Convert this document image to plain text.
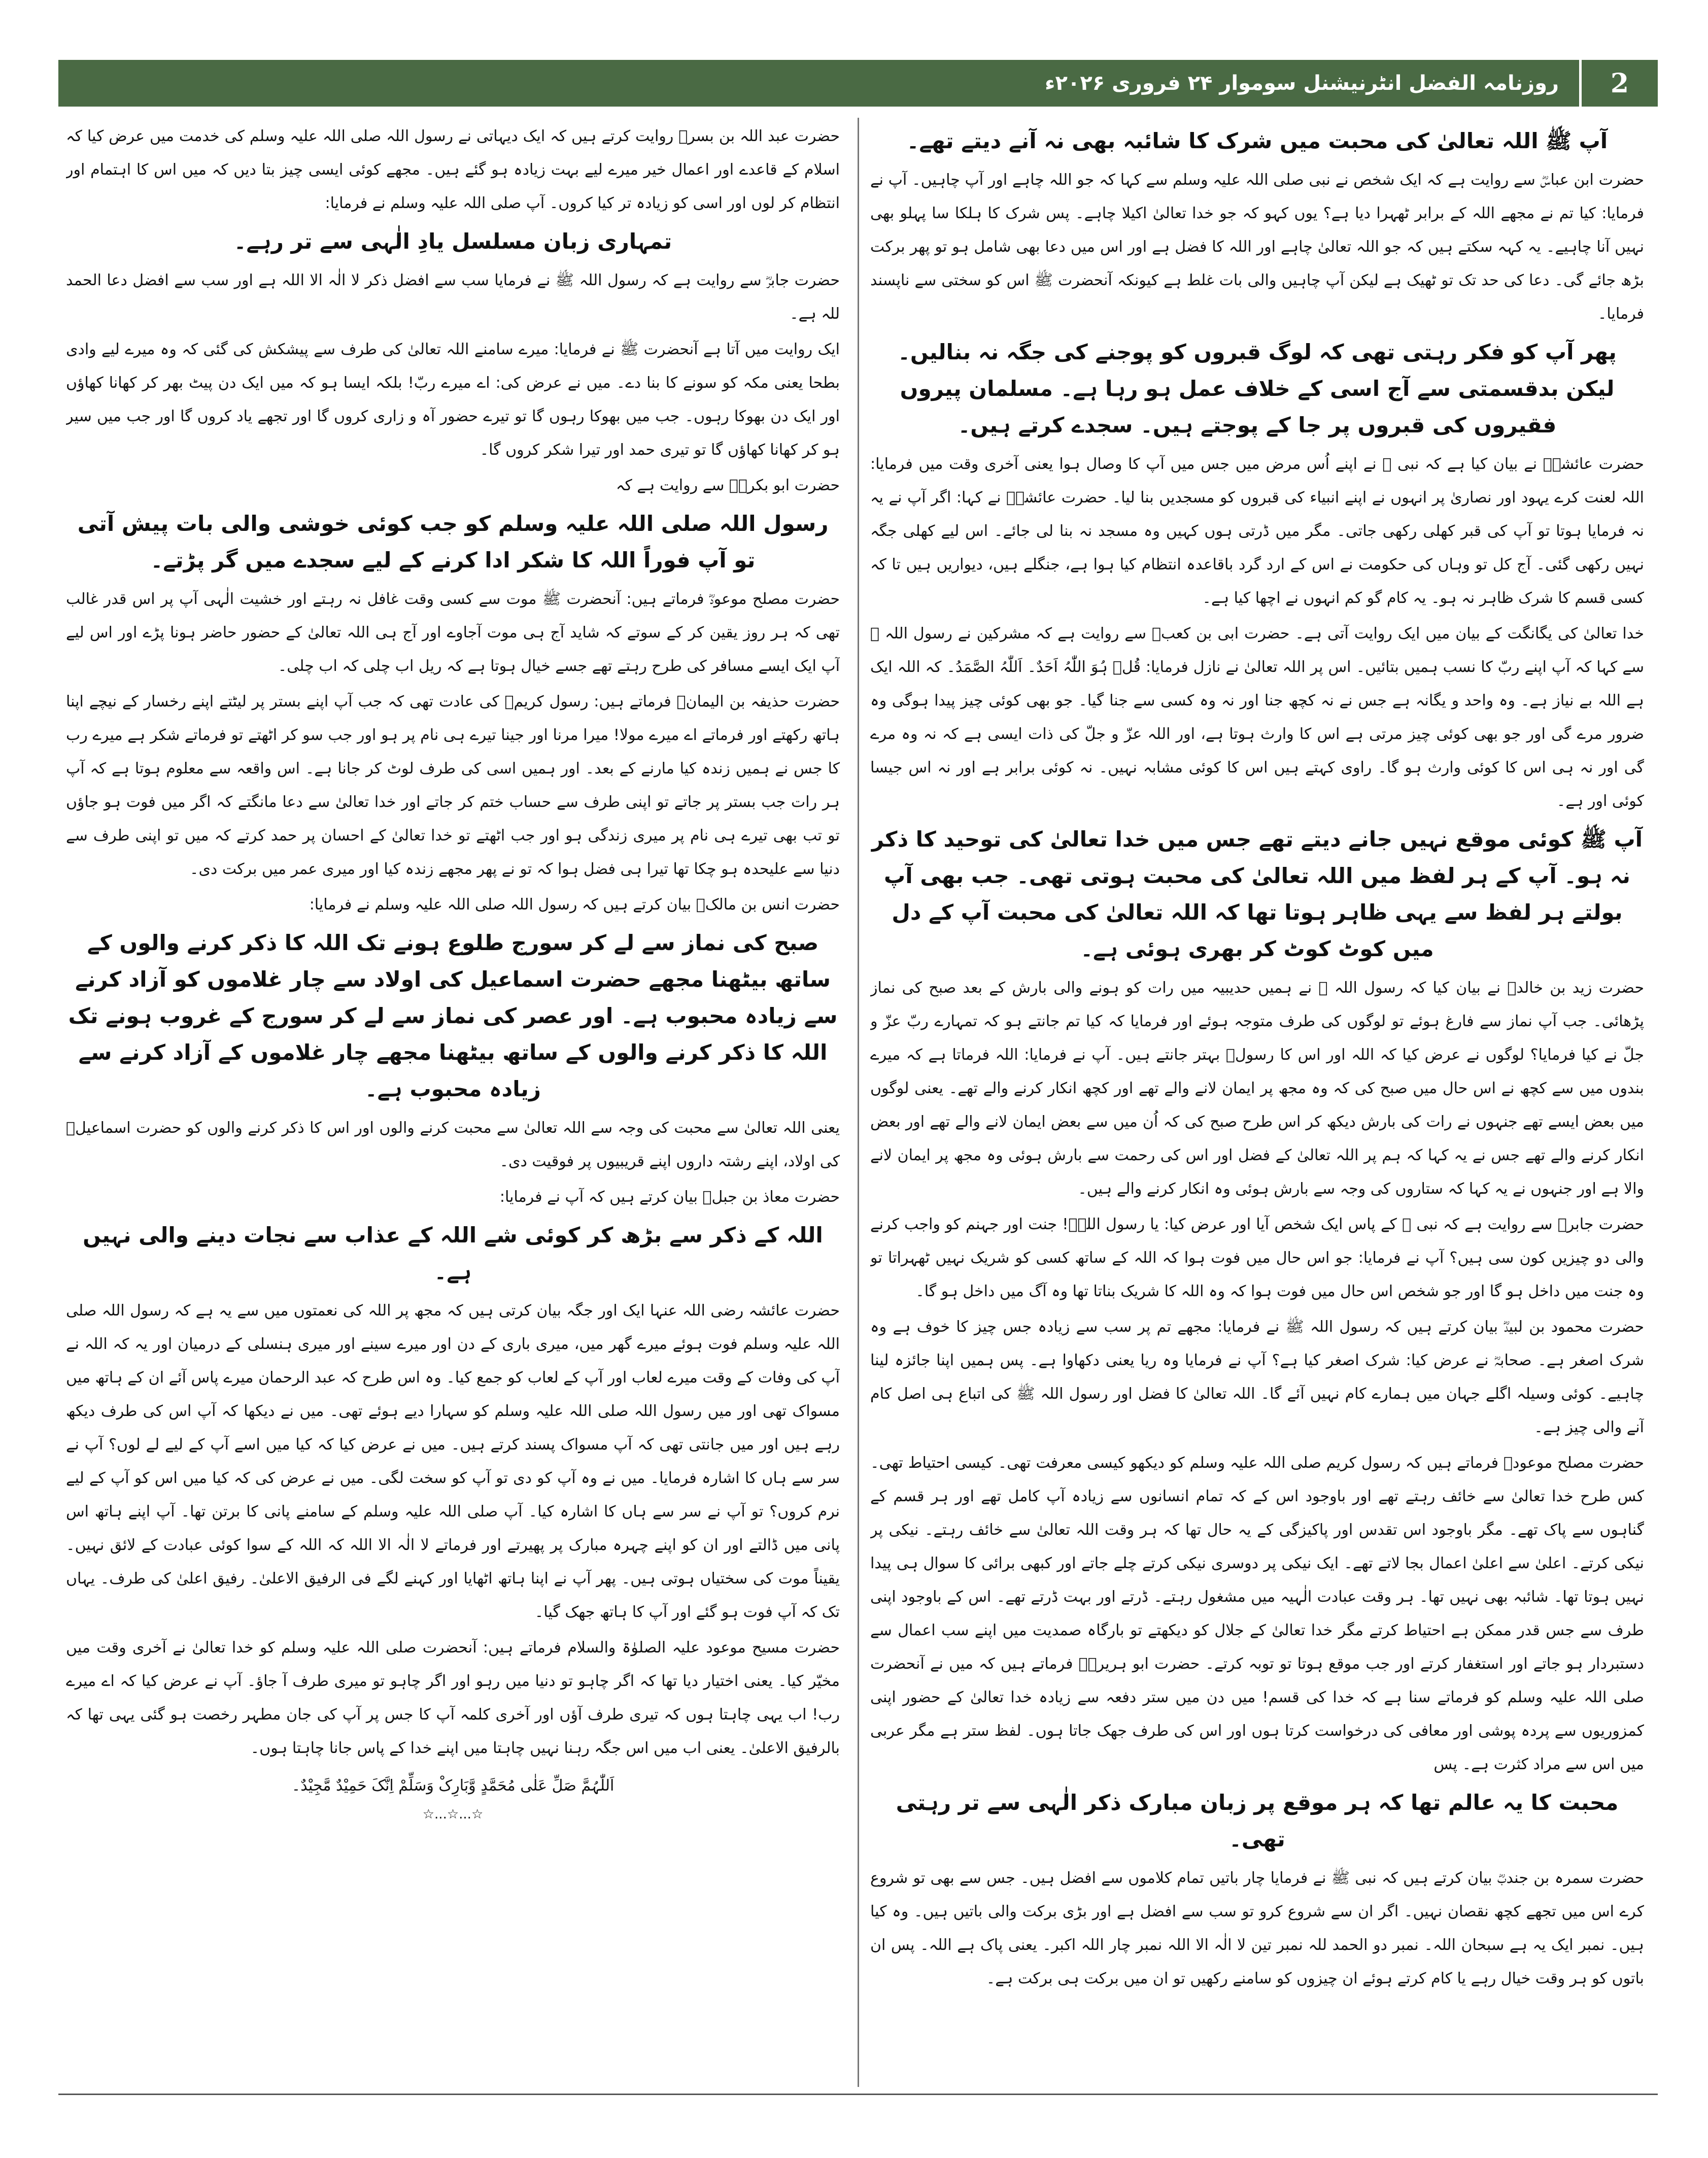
روزنامہ الفضل انٹرنیشنل سوموار ۲۴ فروری ۲۰۲۶ء	2
آپ ﷺ اللہ تعالیٰ کی محبت میں شرک کا شائبہ بھی نہ آنے دیتے تھے۔

حضرت ابن عباسؓ سے روایت ہے کہ ایک شخص نے نبی صلی اللہ علیہ وسلم سے کہا کہ جو اللہ چاہے اور آپ چاہیں۔ آپ نے فرمایا: کیا تم نے مجھے اللہ کے برابر ٹھہرا دیا ہے؟ یوں کہو کہ جو خدا تعالیٰ اکیلا چاہے۔ پس شرک کا ہلکا سا پہلو بھی نہیں آنا چاہیے۔ یہ کہہ سکتے ہیں کہ جو اللہ تعالیٰ چاہے اور اللہ کا فضل ہے اور اس میں دعا بھی شامل ہو تو پھر برکت بڑھ جائے گی۔ دعا کی حد تک تو ٹھیک ہے لیکن آپ چاہیں والی بات غلط ہے کیونکہ آنحضرت ﷺ اس کو سختی سے ناپسند فرمایا۔

پھر آپ کو فکر رہتی تھی کہ لوگ قبروں کو پوجنے کی جگہ نہ بنالیں۔ لیکن بدقسمتی سے آج اسی کے خلاف عمل ہو رہا ہے۔ مسلمان پیروں فقیروں کی قبروں پر جا کے پوجتے ہیں۔ سجدے کرتے ہیں۔

حضرت عائشہؓ نے بیان کیا ہے کہ نبی ﷺ نے اپنے اُس مرض میں جس میں آپ کا وصال ہوا یعنی آخری وقت میں فرمایا: اللہ لعنت کرے یہود اور نصاریٰ پر انہوں نے اپنے انبیاء کی قبروں کو مسجدیں بنا لیا۔ حضرت عائشہؓ نے کہا: اگر آپ نے یہ نہ فرمایا ہوتا تو آپ کی قبر کھلی رکھی جاتی۔ مگر میں ڈرتی ہوں کہیں وہ مسجد نہ بنا لی جائے۔ اس لیے کھلی جگہ نہیں رکھی گئی۔ آج کل تو وہاں کی حکومت نے اس کے ارد گرد باقاعدہ انتظام کیا ہوا ہے، جنگلے ہیں، دیواریں ہیں تا کہ کسی قسم کا شرک ظاہر نہ ہو۔ یہ کام گو کم انہوں نے اچھا کیا ہے۔

خدا تعالیٰ کی یگانگت کے بیان میں ایک روایت آتی ہے۔ حضرت ابی بن کعبؓ سے روایت ہے کہ مشرکین نے رسول اللہ ﷺ سے کہا کہ آپ اپنے ربّ کا نسب ہمیں بتائیں۔ اس پر اللہ تعالیٰ نے نازل فرمایا: قُلۡ ہُوَ اللّٰہُ اَحَدٌ۔ اَللّٰہُ الصَّمَدُ۔ کہ اللہ ایک ہے اللہ بے نیاز ہے۔ وہ واحد و یگانہ ہے جس نے نہ کچھ جنا اور نہ وہ کسی سے جنا گیا۔ جو بھی کوئی چیز پیدا ہوگی وہ ضرور مرے گی اور جو بھی کوئی چیز مرتی ہے اس کا وارث ہوتا ہے، اور اللہ عزّ و جلّ کی ذات ایسی ہے کہ نہ وہ مرے گی اور نہ ہی اس کا کوئی وارث ہو گا۔ راوی کہتے ہیں اس کا کوئی مشابہ نہیں۔ نہ کوئی برابر ہے اور نہ اس جیسا کوئی اور ہے۔

آپ ﷺ کوئی موقع نہیں جانے دیتے تھے جس میں خدا تعالیٰ کی توحید کا ذکر نہ ہو۔ آپ کے ہر لفظ میں اللہ تعالیٰ کی محبت ہوتی تھی۔ جب بھی آپ بولتے ہر لفظ سے یہی ظاہر ہوتا تھا کہ اللہ تعالیٰ کی محبت آپ کے دل میں کوٹ کوٹ کر بھری ہوئی ہے۔

حضرت زید بن خالدؓ نے بیان کیا کہ رسول اللہ ﷺ نے ہمیں حدیبیہ میں رات کو ہونے والی بارش کے بعد صبح کی نماز پڑھائی۔ جب آپ نماز سے فارغ ہوئے تو لوگوں کی طرف متوجہ ہوئے اور فرمایا کہ کیا تم جانتے ہو کہ تمہارے ربّ عزّ و جلّ نے کیا فرمایا؟ لوگوں نے عرض کیا کہ اللہ اور اس کا رسولؐ بہتر جانتے ہیں۔ آپ نے فرمایا: اللہ فرماتا ہے کہ میرے بندوں میں سے کچھ نے اس حال میں صبح کی کہ وہ مجھ پر ایمان لانے والے تھے اور کچھ انکار کرنے والے تھے۔ یعنی لوگوں میں بعض ایسے تھے جنہوں نے رات کی بارش دیکھ کر اس طرح صبح کی کہ اُن میں سے بعض ایمان لانے والے تھے اور بعض انکار کرنے والے تھے جس نے یہ کہا کہ ہم پر اللہ تعالیٰ کے فضل اور اس کی رحمت سے بارش ہوئی وہ مجھ پر ایمان لانے والا ہے اور جنہوں نے یہ کہا کہ ستاروں کی وجہ سے بارش ہوئی وہ انکار کرنے والے ہیں۔

حضرت جابرؓ سے روایت ہے کہ نبی ﷺ کے پاس ایک شخص آیا اور عرض کیا: یا رسول اللہؐ! جنت اور جہنم کو واجب کرنے والی دو چیزیں کون سی ہیں؟ آپ نے فرمایا: جو اس حال میں فوت ہوا کہ اللہ کے ساتھ کسی کو شریک نہیں ٹھہراتا تو وہ جنت میں داخل ہو گا اور جو شخص اس حال میں فوت ہوا کہ وہ اللہ کا شریک بناتا تھا وہ آگ میں داخل ہو گا۔

حضرت محمود بن لبیدؓ بیان کرتے ہیں کہ رسول اللہ ﷺ نے فرمایا: مجھے تم پر سب سے زیادہ جس چیز کا خوف ہے وہ شرک اصغر ہے۔ صحابہؓ نے عرض کیا: شرک اصغر کیا ہے؟ آپ نے فرمایا وہ ریا یعنی دکھاوا ہے۔ پس ہمیں اپنا جائزہ لینا چاہیے۔ کوئی وسیلہ اگلے جہان میں ہمارے کام نہیں آئے گا۔ اللہ تعالیٰ کا فضل اور رسول اللہ ﷺ کی اتباع ہی اصل کام آنے والی چیز ہے۔

حضرت مصلح موعودؓ فرماتے ہیں کہ رسول کریم صلی اللہ علیہ وسلم کو دیکھو کیسی معرفت تھی۔ کیسی احتیاط تھی۔ کس طرح خدا تعالیٰ سے خائف رہتے تھے اور باوجود اس کے کہ تمام انسانوں سے زیادہ آپ کامل تھے اور ہر قسم کے گناہوں سے پاک تھے۔ مگر باوجود اس تقدس اور پاکیزگی کے یہ حال تھا کہ ہر وقت اللہ تعالیٰ سے خائف رہتے۔ نیکی پر نیکی کرتے۔ اعلیٰ سے اعلیٰ اعمال بجا لاتے تھے۔ ایک نیکی پر دوسری نیکی کرتے چلے جاتے اور کبھی برائی کا سوال ہی پیدا نہیں ہوتا تھا۔ شائبہ بھی نہیں تھا۔ ہر وقت عبادت الٰہیہ میں مشغول رہتے۔ ڈرتے اور بہت ڈرتے تھے۔ اس کے باوجود اپنی طرف سے جس قدر ممکن ہے احتیاط کرتے مگر خدا تعالیٰ کے جلال کو دیکھتے تو بارگاہ صمدیت میں اپنے سب اعمال سے دستبردار ہو جاتے اور استغفار کرتے اور جب موقع ہوتا تو توبہ کرتے۔ حضرت ابو ہریرہؓ فرماتے ہیں کہ میں نے آنحضرت صلی اللہ علیہ وسلم کو فرماتے سنا ہے کہ خدا کی قسم! میں دن میں ستر دفعہ سے زیادہ خدا تعالیٰ کے حضور اپنی کمزوریوں سے پردہ پوشی اور معافی کی درخواست کرتا ہوں اور اس کی طرف جھک جاتا ہوں۔ لفظ ستر ہے مگر عربی میں اس سے مراد کثرت ہے۔ پس

محبت کا یہ عالم تھا کہ ہر موقع پر زبان مبارک ذکر الٰہی سے تر رہتی تھی۔

حضرت سمرہ بن جندبؓ بیان کرتے ہیں کہ نبی ﷺ نے فرمایا چار باتیں تمام کلاموں سے افضل ہیں۔ جس سے بھی تو شروع کرے اس میں تجھے کچھ نقصان نہیں۔ اگر ان سے شروع کرو تو سب سے افضل ہے اور بڑی برکت والی باتیں ہیں۔ وہ کیا ہیں۔ نمبر ایک یہ ہے سبحان اللہ۔ نمبر دو الحمد للہ نمبر تین لا الٰہ الا اللہ نمبر چار اللہ اکبر۔ یعنی پاک ہے اللہ۔ پس ان باتوں کو ہر وقت خیال رہے یا کام کرتے ہوئے ان چیزوں کو سامنے رکھیں تو ان میں برکت ہی برکت ہے۔

حضرت عبد اللہ بن بسرؓ روایت کرتے ہیں کہ ایک دیہاتی نے رسول اللہ صلی اللہ علیہ وسلم کی خدمت میں عرض کیا کہ اسلام کے قاعدے اور اعمال خیر میرے لیے بہت زیادہ ہو گئے ہیں۔ مجھے کوئی ایسی چیز بتا دیں کہ میں اس کا اہتمام اور انتظام کر لوں اور اسی کو زیادہ تر کیا کروں۔ آپ صلی اللہ علیہ وسلم نے فرمایا:

تمہاری زبان مسلسل یادِ الٰہی سے تر رہے۔

حضرت جابرؓ سے روایت ہے کہ رسول اللہ ﷺ نے فرمایا سب سے افضل ذکر لا الٰہ الا اللہ ہے اور سب سے افضل دعا الحمد للہ ہے۔

ایک روایت میں آتا ہے آنحضرت ﷺ نے فرمایا: میرے سامنے اللہ تعالیٰ کی طرف سے پیشکش کی گئی کہ وہ میرے لیے وادی بطحا یعنی مکہ کو سونے کا بنا دے۔ میں نے عرض کی: اے میرے ربّ! بلکہ ایسا ہو کہ میں ایک دن پیٹ بھر کر کھانا کھاؤں اور ایک دن بھوکا رہوں۔ جب میں بھوکا رہوں گا تو تیرے حضور آہ و زاری کروں گا اور تجھے یاد کروں گا اور جب میں سیر ہو کر کھانا کھاؤں گا تو تیری حمد اور تیرا شکر کروں گا۔

حضرت ابو بکرہؓ سے روایت ہے کہ

رسول اللہ صلی اللہ علیہ وسلم کو جب کوئی خوشی والی بات پیش آتی تو آپ فوراً اللہ کا شکر ادا کرنے کے لیے سجدے میں گر پڑتے۔

حضرت مصلح موعودؓ فرماتے ہیں: آنحضرت ﷺ موت سے کسی وقت غافل نہ رہتے اور خشیت الٰہی آپ پر اس قدر غالب تھی کہ ہر روز یقین کر کے سوتے کہ شاید آج ہی موت آجاوے اور آج ہی اللہ تعالیٰ کے حضور حاضر ہونا پڑے اور اس لیے آپ ایک ایسے مسافر کی طرح رہتے تھے جسے خیال ہوتا ہے کہ ریل اب چلی کہ اب چلی۔

حضرت حذیفہ بن الیمانؓ فرماتے ہیں: رسول کریمؐ کی عادت تھی کہ جب آپ اپنے بستر پر لیٹتے اپنے رخسار کے نیچے اپنا ہاتھ رکھتے اور فرماتے اے میرے مولا! میرا مرنا اور جینا تیرے ہی نام پر ہو اور جب سو کر اٹھتے تو فرماتے شکر ہے میرے رب کا جس نے ہمیں زندہ کیا مارنے کے بعد۔ اور ہمیں اسی کی طرف لوٹ کر جانا ہے۔ اس واقعہ سے معلوم ہوتا ہے کہ آپ ہر رات جب بستر پر جاتے تو اپنی طرف سے حساب ختم کر جاتے اور خدا تعالیٰ سے دعا مانگتے کہ اگر میں فوت ہو جاؤں تو تب بھی تیرے ہی نام پر میری زندگی ہو اور جب اٹھتے تو خدا تعالیٰ کے احسان پر حمد کرتے کہ میں تو اپنی طرف سے دنیا سے علیحدہ ہو چکا تھا تیرا ہی فضل ہوا کہ تو نے پھر مجھے زندہ کیا اور میری عمر میں برکت دی۔

حضرت انس بن مالکؓ بیان کرتے ہیں کہ رسول اللہ صلی اللہ علیہ وسلم نے فرمایا:

صبح کی نماز سے لے کر سورج طلوع ہونے تک اللہ کا ذکر کرنے والوں کے ساتھ بیٹھنا مجھے حضرت اسماعیل کی اولاد سے چار غلاموں کو آزاد کرنے سے زیادہ محبوب ہے۔ اور عصر کی نماز سے لے کر سورج کے غروب ہونے تک اللہ کا ذکر کرنے والوں کے ساتھ بیٹھنا مجھے چار غلاموں کے آزاد کرنے سے زیادہ محبوب ہے۔

یعنی اللہ تعالیٰ سے محبت کی وجہ سے اللہ تعالیٰ سے محبت کرنے والوں اور اس کا ذکر کرنے والوں کو حضرت اسماعیلؑ کی اولاد، اپنے رشتہ داروں اپنے قریبیوں پر فوقیت دی۔

حضرت معاذ بن جبلؓ بیان کرتے ہیں کہ آپ نے فرمایا:

اللہ کے ذکر سے بڑھ کر کوئی شے اللہ کے عذاب سے نجات دینے والی نہیں ہے۔

حضرت عائشہ رضی اللہ عنہا ایک اور جگہ بیان کرتی ہیں کہ مجھ پر اللہ کی نعمتوں میں سے یہ ہے کہ رسول اللہ صلی اللہ علیہ وسلم فوت ہوئے میرے گھر میں، میری باری کے دن اور میرے سینے اور میری ہنسلی کے درمیان اور یہ کہ اللہ نے آپ کی وفات کے وقت میرے لعاب اور آپ کے لعاب کو جمع کیا۔ وہ اس طرح کہ عبد الرحمان میرے پاس آئے ان کے ہاتھ میں مسواک تھی اور میں رسول اللہ صلی اللہ علیہ وسلم کو سہارا دیے ہوئے تھی۔ میں نے دیکھا کہ آپ اس کی طرف دیکھ رہے ہیں اور میں جانتی تھی کہ آپ مسواک پسند کرتے ہیں۔ میں نے عرض کیا کہ کیا میں اسے آپ کے لیے لے لوں؟ آپ نے سر سے ہاں کا اشارہ فرمایا۔ میں نے وہ آپ کو دی تو آپ کو سخت لگی۔ میں نے عرض کی کہ کیا میں اس کو آپ کے لیے نرم کروں؟ تو آپ نے سر سے ہاں کا اشارہ کیا۔ آپ صلی اللہ علیہ وسلم کے سامنے پانی کا برتن تھا۔ آپ اپنے ہاتھ اس پانی میں ڈالتے اور ان کو اپنے چہرہ مبارک پر پھیرتے اور فرماتے لا الٰہ الا اللہ کہ اللہ کے سوا کوئی عبادت کے لائق نہیں۔ یقیناً موت کی سختیاں ہوتی ہیں۔ پھر آپ نے اپنا ہاتھ اٹھایا اور کہنے لگے فی الرفیق الاعلیٰ۔ رفیق اعلیٰ کی طرف۔ یہاں تک کہ آپ فوت ہو گئے اور آپ کا ہاتھ جھک گیا۔

حضرت مسیح موعود علیہ الصلوٰۃ والسلام فرماتے ہیں: آنحضرت صلی اللہ علیہ وسلم کو خدا تعالیٰ نے آخری وقت میں مخیّر کیا۔ یعنی اختیار دیا تھا کہ اگر چاہو تو دنیا میں رہو اور اگر چاہو تو میری طرف آ جاؤ۔ آپ نے عرض کیا کہ اے میرے رب! اب یہی چاہتا ہوں کہ تیری طرف آؤں اور آخری کلمہ آپ کا جس پر آپ کی جان مطہر رخصت ہو گئی یہی تھا کہ بالرفیق الاعلیٰ۔ یعنی اب میں اس جگہ رہنا نہیں چاہتا میں اپنے خدا کے پاس جانا چاہتا ہوں۔

اَللّٰہُمَّ صَلِّ عَلٰی مُحَمَّدٍ وَّبَارِکْ وَسَلِّمْ اِنَّکَ حَمِیْدٌ مَّجِیْدٌ۔

☆...☆...☆
